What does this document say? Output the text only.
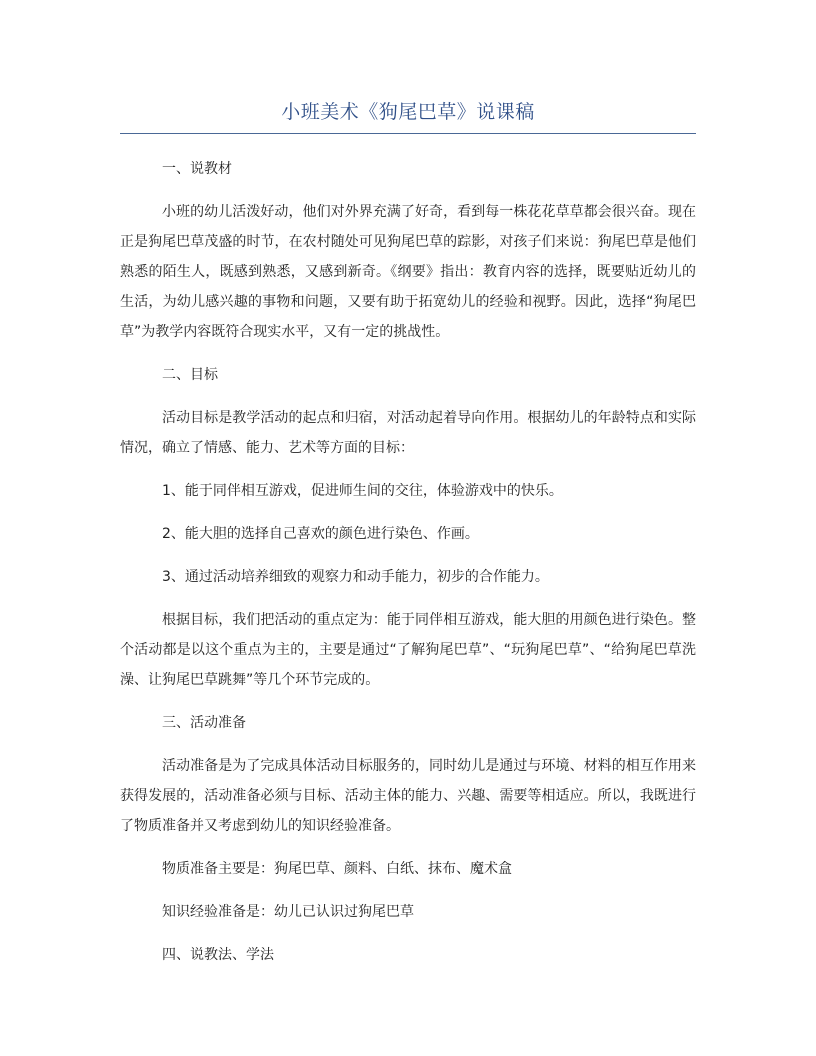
小班美术《狗尾巴草》说课稿
一、说教材
小班的幼儿活泼好动，他们对外界充满了好奇，看到每一株花花草草都会很兴奋。现在正是狗尾巴草茂盛的时节，在农村随处可见狗尾巴草的踪影，对孩子们来说：狗尾巴草是他们熟悉的陌生人，既感到熟悉，又感到新奇。《纲要》指出：教育内容的选择，既要贴近幼儿的生活，为幼儿感兴趣的事物和问题，又要有助于拓宽幼儿的经验和视野。因此，选择“狗尾巴草”为教学内容既符合现实水平，又有一定的挑战性。
二、目标
活动目标是教学活动的起点和归宿，对活动起着导向作用。根据幼儿的年龄特点和实际情况，确立了情感、能力、艺术等方面的目标：
1、能于同伴相互游戏，促进师生间的交往，体验游戏中的快乐。
2、能大胆的选择自己喜欢的颜色进行染色、作画。
3、通过活动培养细致的观察力和动手能力，初步的合作能力。
根据目标，我们把活动的重点定为：能于同伴相互游戏，能大胆的用颜色进行染色。整个活动都是以这个重点为主的，主要是通过“了解狗尾巴草”、“玩狗尾巴草”、“给狗尾巴草洗澡、让狗尾巴草跳舞”等几个环节完成的。
三、活动准备
活动准备是为了完成具体活动目标服务的，同时幼儿是通过与环境、材料的相互作用来获得发展的，活动准备必须与目标、活动主体的能力、兴趣、需要等相适应。所以，我既进行了物质准备并又考虑到幼儿的知识经验准备。
物质准备主要是：狗尾巴草、颜料、白纸、抹布、魔术盒
知识经验准备是：幼儿已认识过狗尾巴草
四、说教法、学法
